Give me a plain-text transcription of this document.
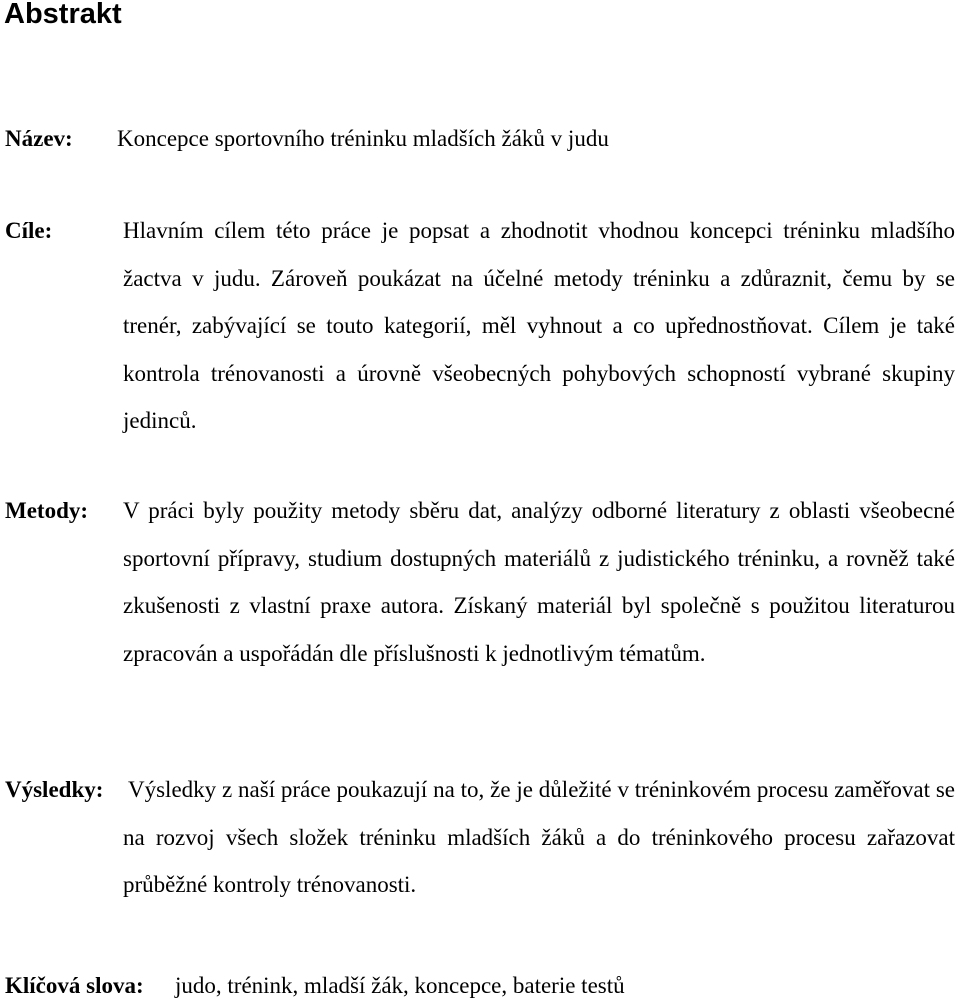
Abstrakt
Název: Koncepce sportovního tréninku mladších žáků v judu
Cíle:	Hlavním cílem této práce je popsat a zhodnotit vhodnou koncepci tréninku mladšího žactva v judu. Zároveň poukázat na účelné metody tréninku a zdůraznit, čemu by se trenér, zabývající se touto kategorií, měl vyhnout a co upřednostňovat. Cílem je také kontrola trénovanosti a úrovně všeobecných pohybových schopností vybrané skupiny jedinců.
Metody: V práci byly použity metody sběru dat, analýzy odborné literatury z oblasti všeobecné sportovní přípravy, studium dostupných materiálů z judistického tréninku, a rovněž také zkušenosti z vlastní praxe autora. Získaný materiál byl společně s použitou literaturou zpracován a uspořádán dle příslušnosti k jednotlivým tématům.
Výsledky: Výsledky z naší práce poukazují na to, že je důležité v tréninkovém procesu zaměřovat se na rozvoj všech složek tréninku mladších žáků a do tréninkového procesu zařazovat průběžné kontroly trénovanosti.
Klíčová slova: judo, trénink, mladší žák, koncepce, baterie testů
